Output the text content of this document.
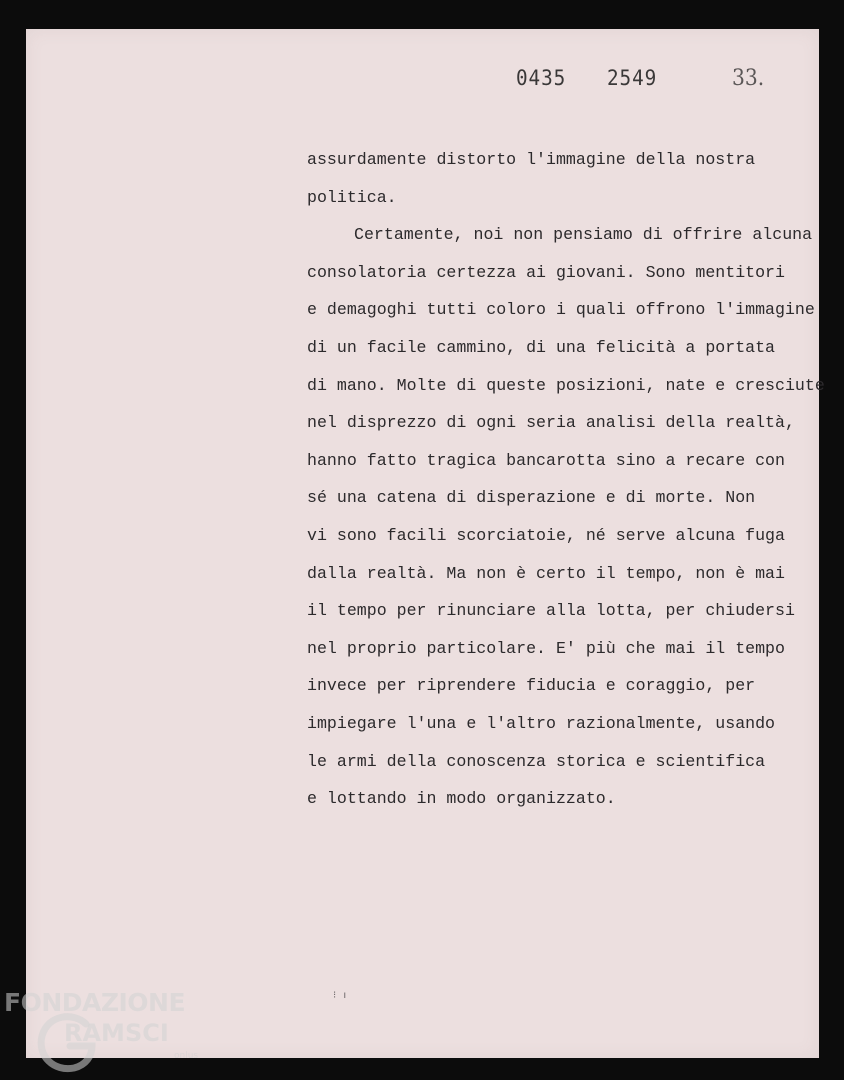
0435 2549	33.
assurdamente distorto l'immagine della nostra
politica.
Certamente, noi non pensiamo di offrire alcuna
consolatoria certezza ai giovani. Sono mentitori
e demagoghi tutti coloro i quali offrono l'immagine
di un facile cammino, di una felicità a portata
di mano. Molte di queste posizioni, nate e cresciute
nel disprezzo di ogni seria analisi della realtà,
hanno fatto tragica bancarotta sino a recare con
sé una catena di disperazione e di morte. Non
vi sono facili scorciatoie, né serve alcuna fuga
dalla realtà. Ma non è certo il tempo, non è mai
il tempo per rinunciare alla lotta, per chiudersi
nel proprio particolare. E' più che mai il tempo
invece per riprendere fiducia e coraggio, per
impiegare l'una e l'altro razionalmente, usando
le armi della conoscenza storica e scientifica
e lottando in modo organizzato.
⁝ ı
FONDAZIONE
RAMSCI
onlus
